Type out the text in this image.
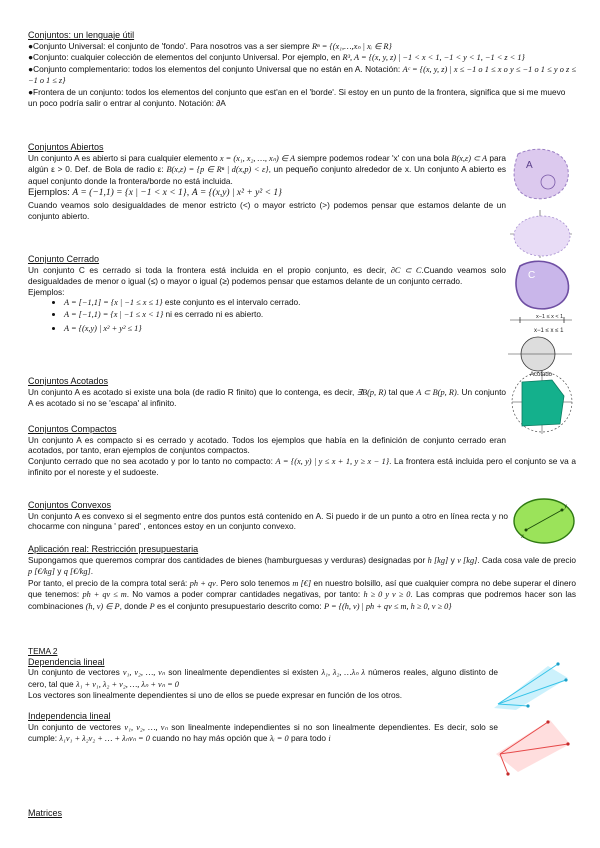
Conjuntos: un lenguaje útil

●Conjunto Universal: el conjunto de 'fondo'. Para nosotros vas a ser siempre Rⁿ = {(x₁,…,xₙ | xᵢ ∈ R}

●Conjunto: cualquier colección de elementos del conjunto Universal. Por ejemplo, en R³, A = {(x, y, z) | −1 < x < 1, −1 < y < 1, −1 < z < 1}

●Conjunto complementario: todos los elementos del conjunto Universal que no están en A. Notación: Aᶜ = {(x, y, z) | x ≤ −1 o 1 ≤ x o y ≤ −1 o 1 ≤ y o z ≤ −1 o 1 ≤ z}

●Frontera de un conjunto: todos los elementos del conjunto que est'an en el 'borde'. Si estoy en un punto de la frontera, significa que si me muevo un poco podría salir o entrar al conjunto. Notación: ∂A

Conjuntos Abiertos

Un conjunto A es abierto si para cualquier elemento x = (x₁, x₂, …, xₙ) ∈ A siempre podemos rodear 'x' con una bola B(x,ε) ⊂ A para algún ε > 0. Def. de Bola de radio ε: B(x,ε) = {p ∈ Rⁿ | d(x,p) < ε}, un pequeño conjunto alrededor de x. Un conjunto A abierto es aquel conjunto donde la frontera/borde no está incluida.

Ejemplos: A = (−1,1) = {x | −1 < x < 1}, A = {(x,y) | x² + y² < 1}

Cuando veamos solo desigualdades de menor estricto (<) o mayor estricto (>) podemos pensar que estamos delante de un conjunto abierto.

Conjunto Cerrado

Un conjunto C es cerrado si toda la frontera está incluida en el propio conjunto, es decir, ∂C ⊂ C.Cuando veamos solo desigualdades de menor o igual (≤) o mayor o igual (≥) podemos pensar que estamos delante de un conjunto cerrado.

Ejemplos:

• A = [−1,1] = {x | −1 ≤ x ≤ 1} este conjunto es el intervalo cerrado.
• A = [−1,1) = {x | −1 ≤ x < 1} ni es cerrado ni es abierto.
• A = {(x,y) | x² + y² ≤ 1}

Conjuntos Acotados

Un conjunto A es acotado si existe una bola (de radio R finito) que lo contenga, es decir, ∃B(p, R) tal que A ⊂ B(p, R). Un conjunto A es acotado si no se 'escapa' al infinito.

Conjuntos Compactos

Un conjunto A es compacto si es cerrado y acotado. Todos los ejemplos que había en la definición de conjunto cerrado eran acotados, por tanto, eran ejemplos de conjuntos compactos.

Conjunto cerrado que no sea acotado y por lo tanto no compacto: A = {(x, y) | y ≤ x + 1, y ≥ x − 1}. La frontera está incluida pero el conjunto se va a infinito por el noreste y el sudoeste.

Conjuntos Convexos

Un conjunto A es convexo si el segmento entre dos puntos está contenido en A. Si puedo ir de un punto a otro en línea recta y no chocarme con ninguna ' pared' , entonces estoy en un conjunto convexo.

Aplicación real: Restricción presupuestaria

Supongamos que queremos comprar dos cantidades de bienes (hamburguesas y verduras) designadas por h [kg] y v [kg]. Cada cosa vale de precio p [€/kg] y q [€/kg].

Por tanto, el precio de la compra total será: ph + qv. Pero solo tenemos m [€] en nuestro bolsillo, así que cualquier compra no debe superar el dinero que tenemos: ph + qv ≤ m. No vamos a poder comprar cantidades negativas, por tanto: h ≥ 0 y v ≥ 0. Las compras que podremos hacer son las combinaciones (h, v) ∈ P, donde P es el conjunto presupuestario descrito como: P = {(h, v) | ph + qv ≤ m, h ≥ 0, v ≥ 0}

TEMA 2

Dependencia lineal

Un conjunto de vectores v₁, v₂, …, vₙ son linealmente dependientes si existen λ₁, λ₂, …λₙ λ números reales, alguno distinto de cero, tal que λ₁ + v₁, λ₂ + v₂, …, λₙ + vₙ = 0

Los vectores son linealmente dependientes si uno de ellos se puede expresar en función de los otros.

Independencia lineal

Un conjunto de vectores v₁, v₂, …, vₙ son linealmente independientes si no son linealmente dependientes. Es decir, solo se cumple: λ₁v₁ + λ₂v₂ + … + λₙvₙ = 0 cuando no hay más opción que λᵢ = 0 para todo i

Matrices

A
C
x−1 ≤ x ≤ 1
x−1 ≤ x < 1
Acotado
x
y
